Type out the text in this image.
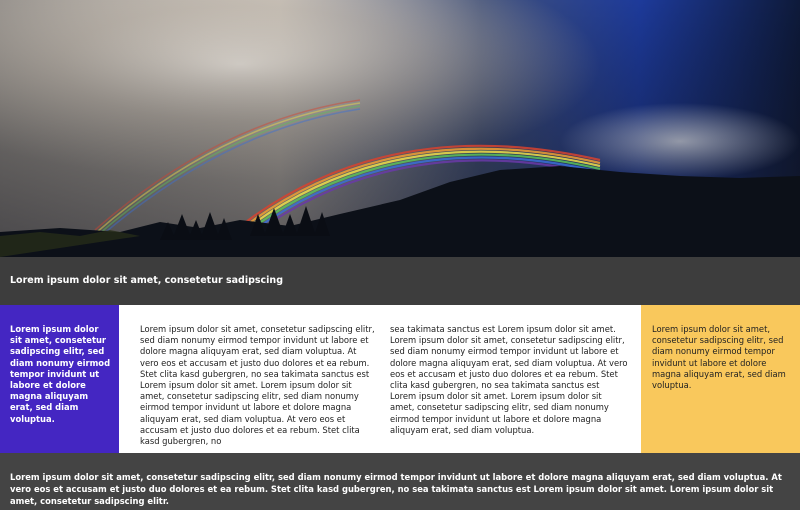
Lorem ipsum dolor sit amet, consetetur sadipscing
Lorem ipsum dolor sit amet, consetetur sadipscing elitr, sed diam nonumy eirmod tempor invidunt ut labore et dolore magna aliquyam erat, sed diam voluptua.
Lorem ipsum dolor sit amet, consetetur sadipscing elitr, sed diam nonumy eirmod tempor invidunt ut labore et dolore magna aliquyam erat, sed diam voluptua. At vero eos et accusam et justo duo dolores et ea rebum. Stet clita kasd gubergren, no sea takimata sanctus est Lorem ipsum dolor sit amet. Lorem ipsum dolor sit amet, consetetur sadipscing elitr, sed diam nonumy eirmod tempor invidunt ut labore et dolore magna aliquyam erat, sed diam voluptua. At vero eos et accusam et justo duo dolores et ea rebum. Stet clita kasd gubergren, no
sea takimata sanctus est Lorem ipsum dolor sit amet. Lorem ipsum dolor sit amet, consetetur sadipscing elitr, sed diam nonumy eirmod tempor invidunt ut labore et dolore magna aliquyam erat, sed diam voluptua. At vero eos et accusam et justo duo dolores et ea rebum. Stet clita kasd gubergren, no sea takimata sanctus est Lorem ipsum dolor sit amet. Lorem ipsum dolor sit amet, consetetur sadipscing elitr, sed diam nonumy eirmod tempor invidunt ut labore et dolore magna aliquyam erat, sed diam voluptua.
Lorem ipsum dolor sit amet, consetetur sadipscing elitr, sed diam nonumy eirmod tempor invidunt ut labore et dolore magna aliquyam erat, sed diam voluptua.
Lorem ipsum dolor sit amet, consetetur sadipscing elitr, sed diam nonumy eirmod tempor invidunt ut labore et dolore magna aliquyam erat, sed diam voluptua. At vero eos et accusam et justo duo dolores et ea rebum. Stet clita kasd gubergren, no sea takimata sanctus est Lorem ipsum dolor sit amet. Lorem ipsum dolor sit amet, consetetur sadipscing elitr.
